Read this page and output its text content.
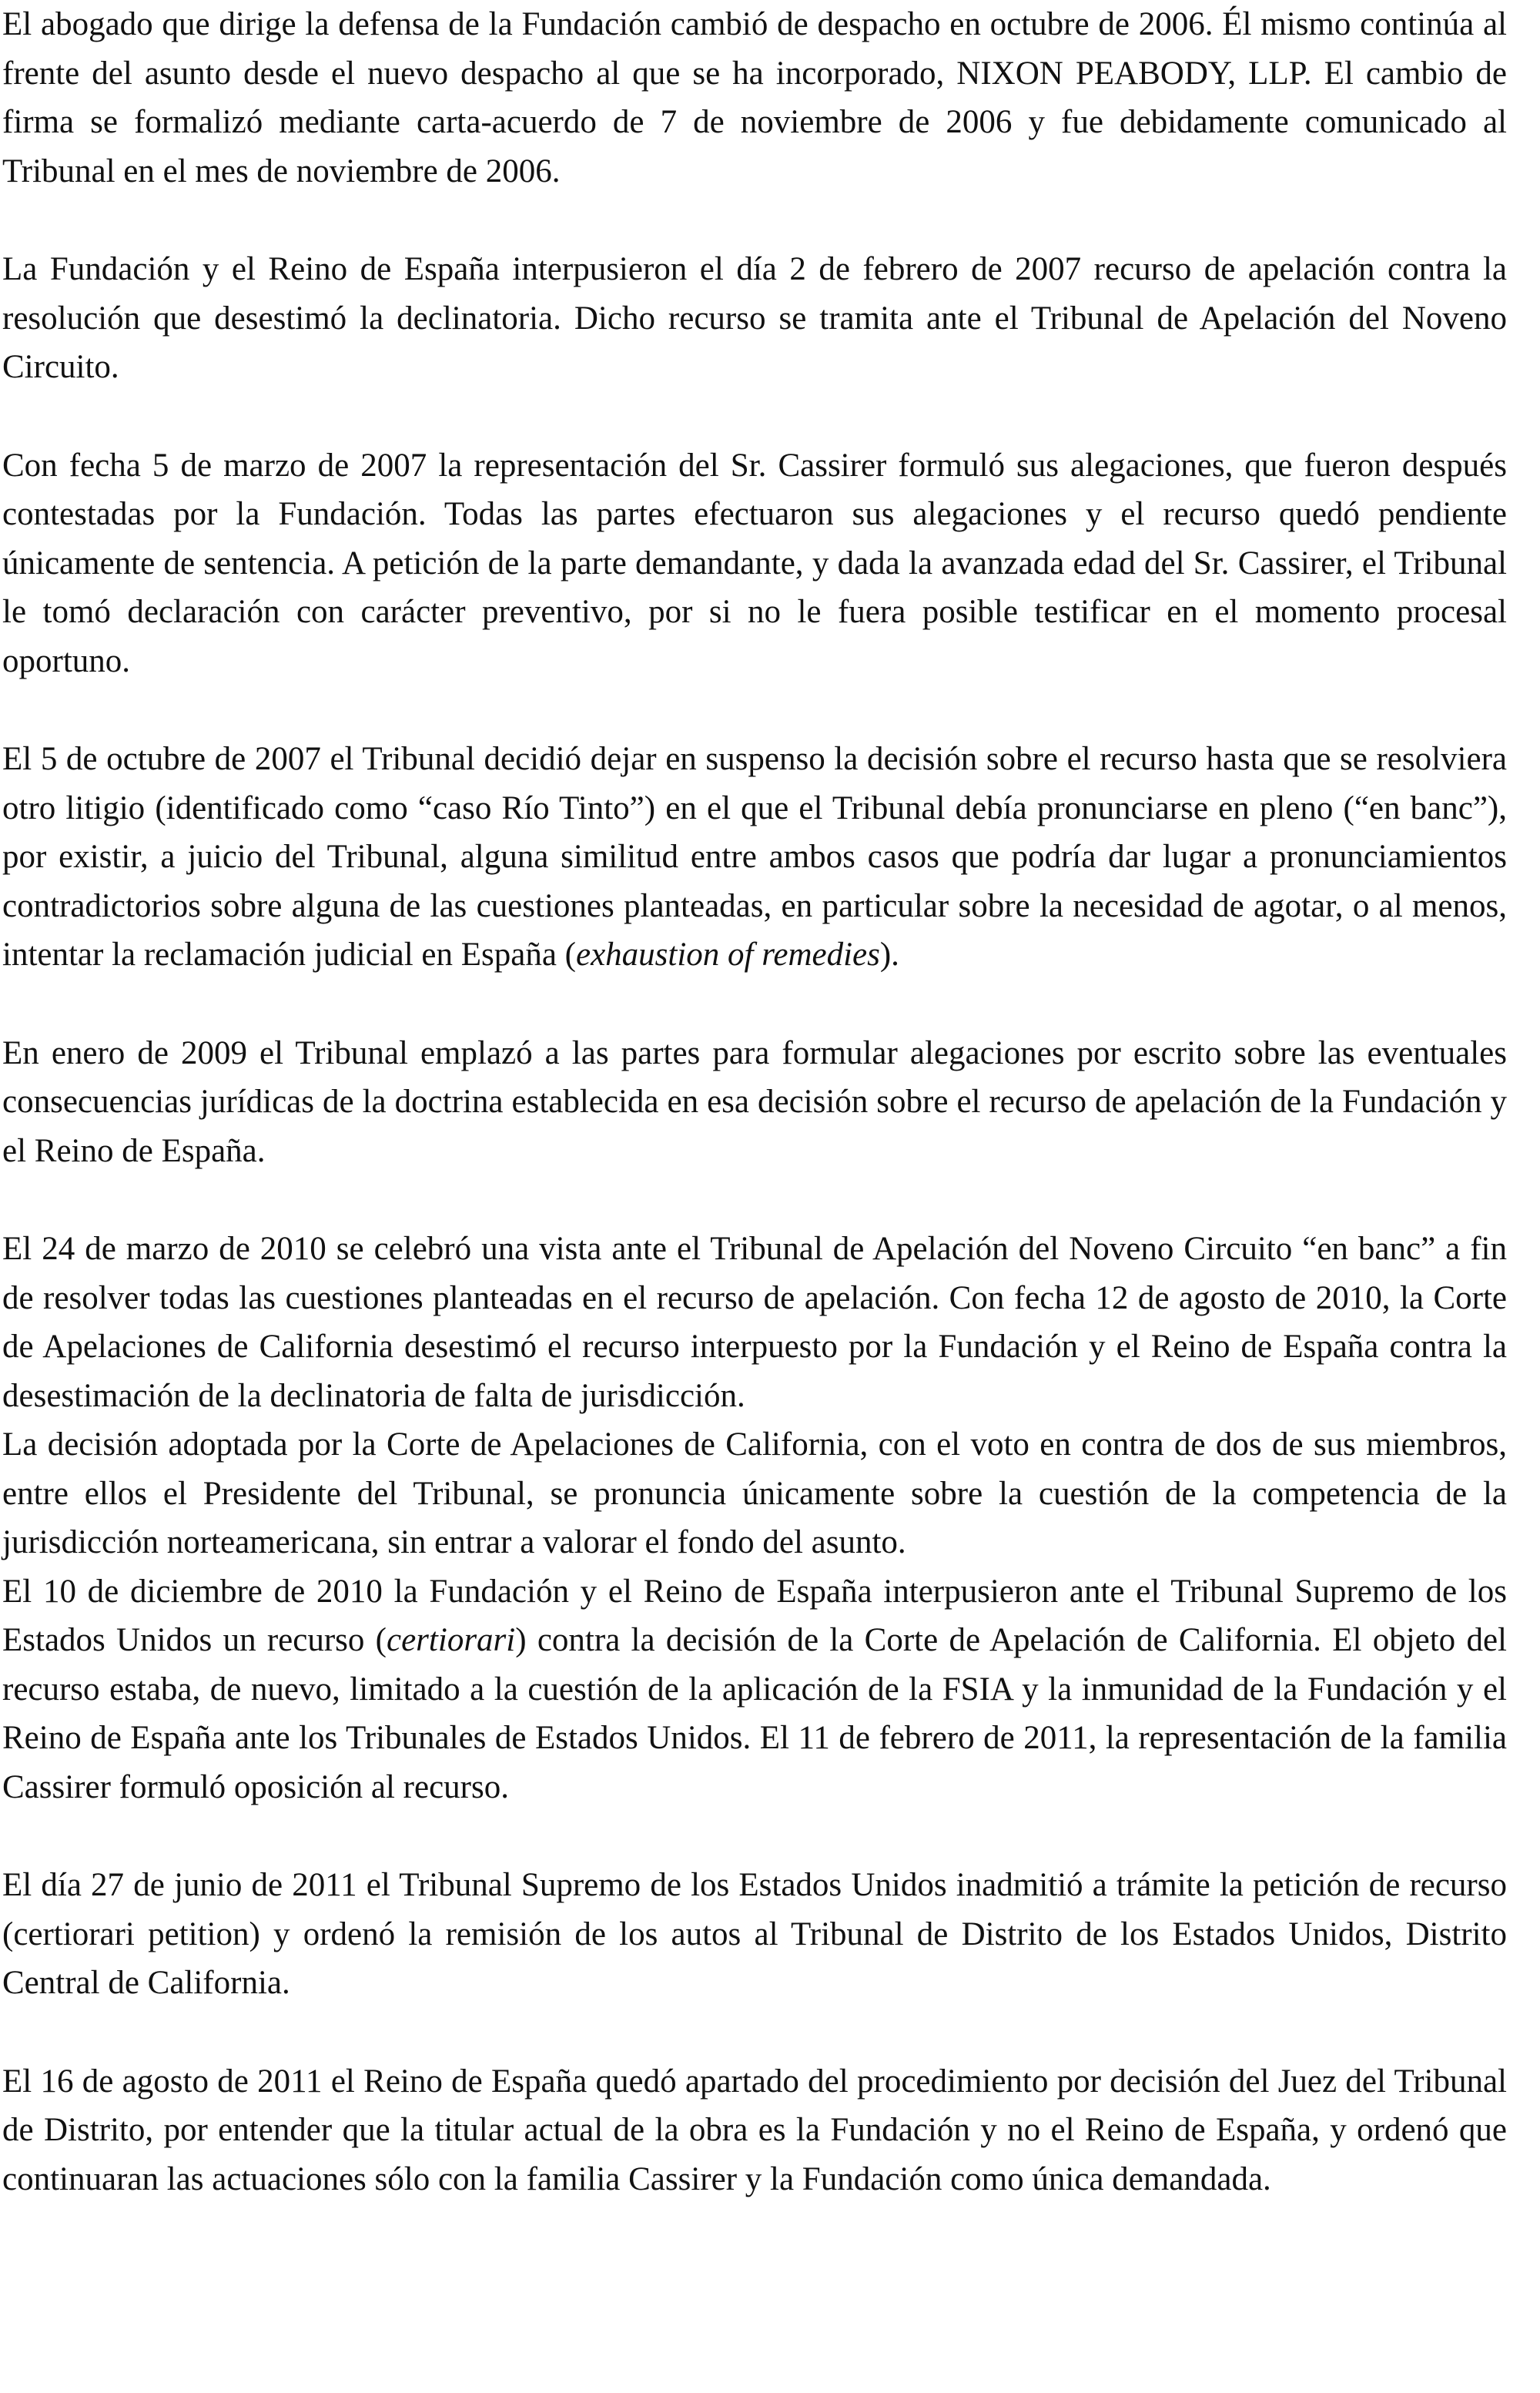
El abogado que dirige la defensa de la Fundación cambió de despacho en octubre de 2006. Él mismo continúa al frente del asunto desde el nuevo despacho al que se ha incorporado, NIXON PEABODY, LLP. El cambio de firma se formalizó mediante carta-acuerdo de 7 de noviembre de 2006 y fue debidamente comunicado al Tribunal en el mes de noviembre de 2006.

La Fundación y el Reino de España interpusieron el día 2 de febrero de 2007 recurso de apelación contra la resolución que desestimó la declinatoria. Dicho recurso se tramita ante el Tribunal de Apelación del Noveno Circuito.

Con fecha 5 de marzo de 2007 la representación del Sr. Cassirer formuló sus alegaciones, que fueron después contestadas por la Fundación. Todas las partes efectuaron sus alegaciones y el recurso quedó pendiente únicamente de sentencia. A petición de la parte demandante, y dada la avanzada edad del Sr. Cassirer, el Tribunal le tomó declaración con carácter preventivo, por si no le fuera posible testificar en el momento procesal oportuno.

El 5 de octubre de 2007 el Tribunal decidió dejar en suspenso la decisión sobre el recurso hasta que se resolviera otro litigio (identificado como “caso Río Tinto”) en el que el Tribunal debía pronunciarse en pleno (“en banc”), por existir, a juicio del Tribunal, alguna similitud entre ambos casos que podría dar lugar a pronunciamientos contradictorios sobre alguna de las cuestiones planteadas, en particular sobre la necesidad de agotar, o al menos, intentar la reclamación judicial en España (exhaustion of remedies).

En enero de 2009 el Tribunal emplazó a las partes para formular alegaciones por escrito sobre las eventuales consecuencias jurídicas de la doctrina establecida en esa decisión sobre el recurso de apelación de la Fundación y el Reino de España.

El 24 de marzo de 2010 se celebró una vista ante el Tribunal de Apelación del Noveno Circuito “en banc” a fin de resolver todas las cuestiones planteadas en el recurso de apelación. Con fecha 12 de agosto de 2010, la Corte de Apelaciones de California desestimó el recurso interpuesto por la Fundación y el Reino de España contra la desestimación de la declinatoria de falta de jurisdicción.

La decisión adoptada por la Corte de Apelaciones de California, con el voto en contra de dos de sus miembros, entre ellos el Presidente del Tribunal, se pronuncia únicamente sobre la cuestión de la competencia de la jurisdicción norteamericana, sin entrar a valorar el fondo del asunto.

El 10 de diciembre de 2010 la Fundación y el Reino de España interpusieron ante el Tribunal Supremo de los Estados Unidos un recurso (certiorari) contra la decisión de la Corte de Apelación de California. El objeto del recurso estaba, de nuevo, limitado a la cuestión de la aplicación de la FSIA y la inmunidad de la Fundación y el Reino de España ante los Tribunales de Estados Unidos. El 11 de febrero de 2011, la representación de la familia Cassirer formuló oposición al recurso.

El día 27 de junio de 2011 el Tribunal Supremo de los Estados Unidos inadmitió a trámite la petición de recurso (certiorari petition) y ordenó la remisión de los autos al Tribunal de Distrito de los Estados Unidos, Distrito Central de California.

El 16 de agosto de 2011 el Reino de España quedó apartado del procedimiento por decisión del Juez del Tribunal de Distrito, por entender que la titular actual de la obra es la Fundación y no el Reino de España, y ordenó que continuaran las actuaciones sólo con la familia Cassirer y la Fundación como única demandada.
